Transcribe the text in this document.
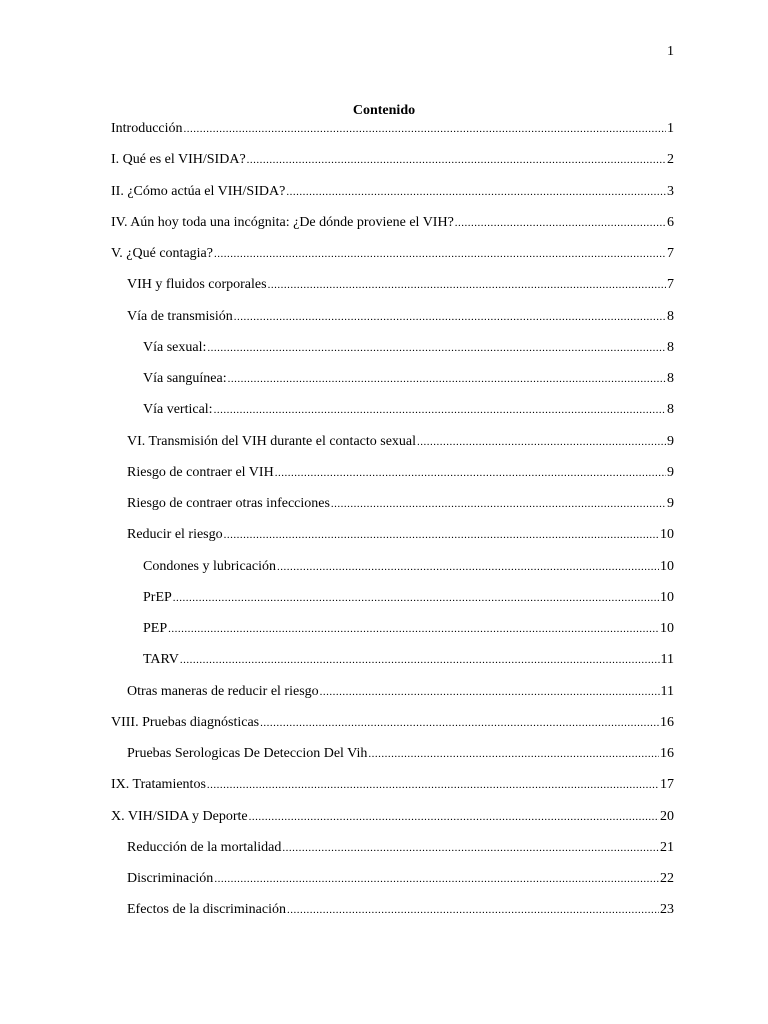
1
Contenido
Introducción .....	1
I. Qué es el VIH/SIDA? .....	2
II. ¿Cómo actúa el VIH/SIDA? .....	3
IV. Aún hoy toda una incógnita: ¿De dónde proviene el VIH? .....	6
V. ¿Qué contagia? .....	7
VIH y fluidos corporales .....	7
Vía de transmisión .....	8
Vía sexual: .....	8
Vía sanguínea: .....	8
Vía vertical: .....	8
VI. Transmisión del VIH durante el contacto sexual .....	9
Riesgo de contraer el VIH .....	9
Riesgo de contraer otras infecciones .....	9
Reducir el riesgo .....	10
Condones y lubricación .....	10
PrEP .....	10
PEP .....	10
TARV .....	11
Otras maneras de reducir el riesgo .....	11
VIII. Pruebas diagnósticas .....	16
Pruebas Serologicas De Deteccion Del Vih .....	16
IX. Tratamientos .....	17
X. VIH/SIDA y Deporte .....	20
Reducción de la mortalidad .....	21
Discriminación .....	22
Efectos de la discriminación .....	23
